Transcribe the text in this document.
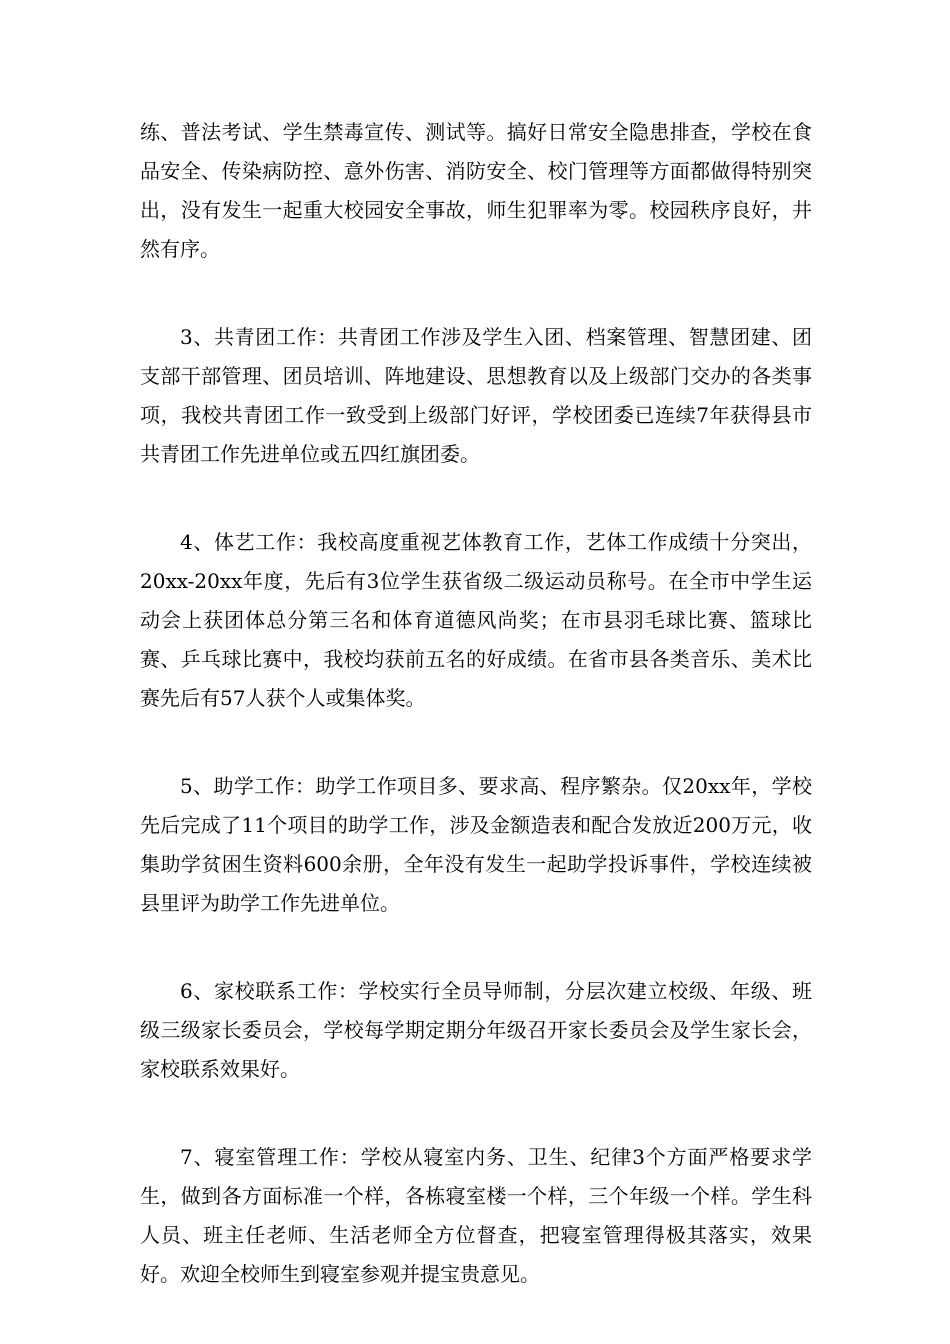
练、普法考试、学生禁毒宣传、测试等。搞好日常安全隐患排查，学校在食品安全、传染病防控、意外伤害、消防安全、校门管理等方面都做得特别突出，没有发生一起重大校园安全事故，师生犯罪率为零。校园秩序良好，井然有序。

3、共青团工作：共青团工作涉及学生入团、档案管理、智慧团建、团支部干部管理、团员培训、阵地建设、思想教育以及上级部门交办的各类事项，我校共青团工作一致受到上级部门好评，学校团委已连续7年获得县市共青团工作先进单位或五四红旗团委。

4、体艺工作：我校高度重视艺体教育工作，艺体工作成绩十分突出，20xx-20xx年度，先后有3位学生获省级二级运动员称号。在全市中学生运动会上获团体总分第三名和体育道德风尚奖；在市县羽毛球比赛、篮球比赛、乒乓球比赛中，我校均获前五名的好成绩。在省市县各类音乐、美术比赛先后有57人获个人或集体奖。

5、助学工作：助学工作项目多、要求高、程序繁杂。仅20xx年，学校先后完成了11个项目的助学工作，涉及金额造表和配合发放近200万元，收集助学贫困生资料600余册，全年没有发生一起助学投诉事件，学校连续被县里评为助学工作先进单位。

6、家校联系工作：学校实行全员导师制，分层次建立校级、年级、班级三级家长委员会，学校每学期定期分年级召开家长委员会及学生家长会，家校联系效果好。

7、寝室管理工作：学校从寝室内务、卫生、纪律3个方面严格要求学生，做到各方面标准一个样，各栋寝室楼一个样，三个年级一个样。学生科人员、班主任老师、生活老师全方位督查，把寝室管理得极其落实，效果好。欢迎全校师生到寝室参观并提宝贵意见。
